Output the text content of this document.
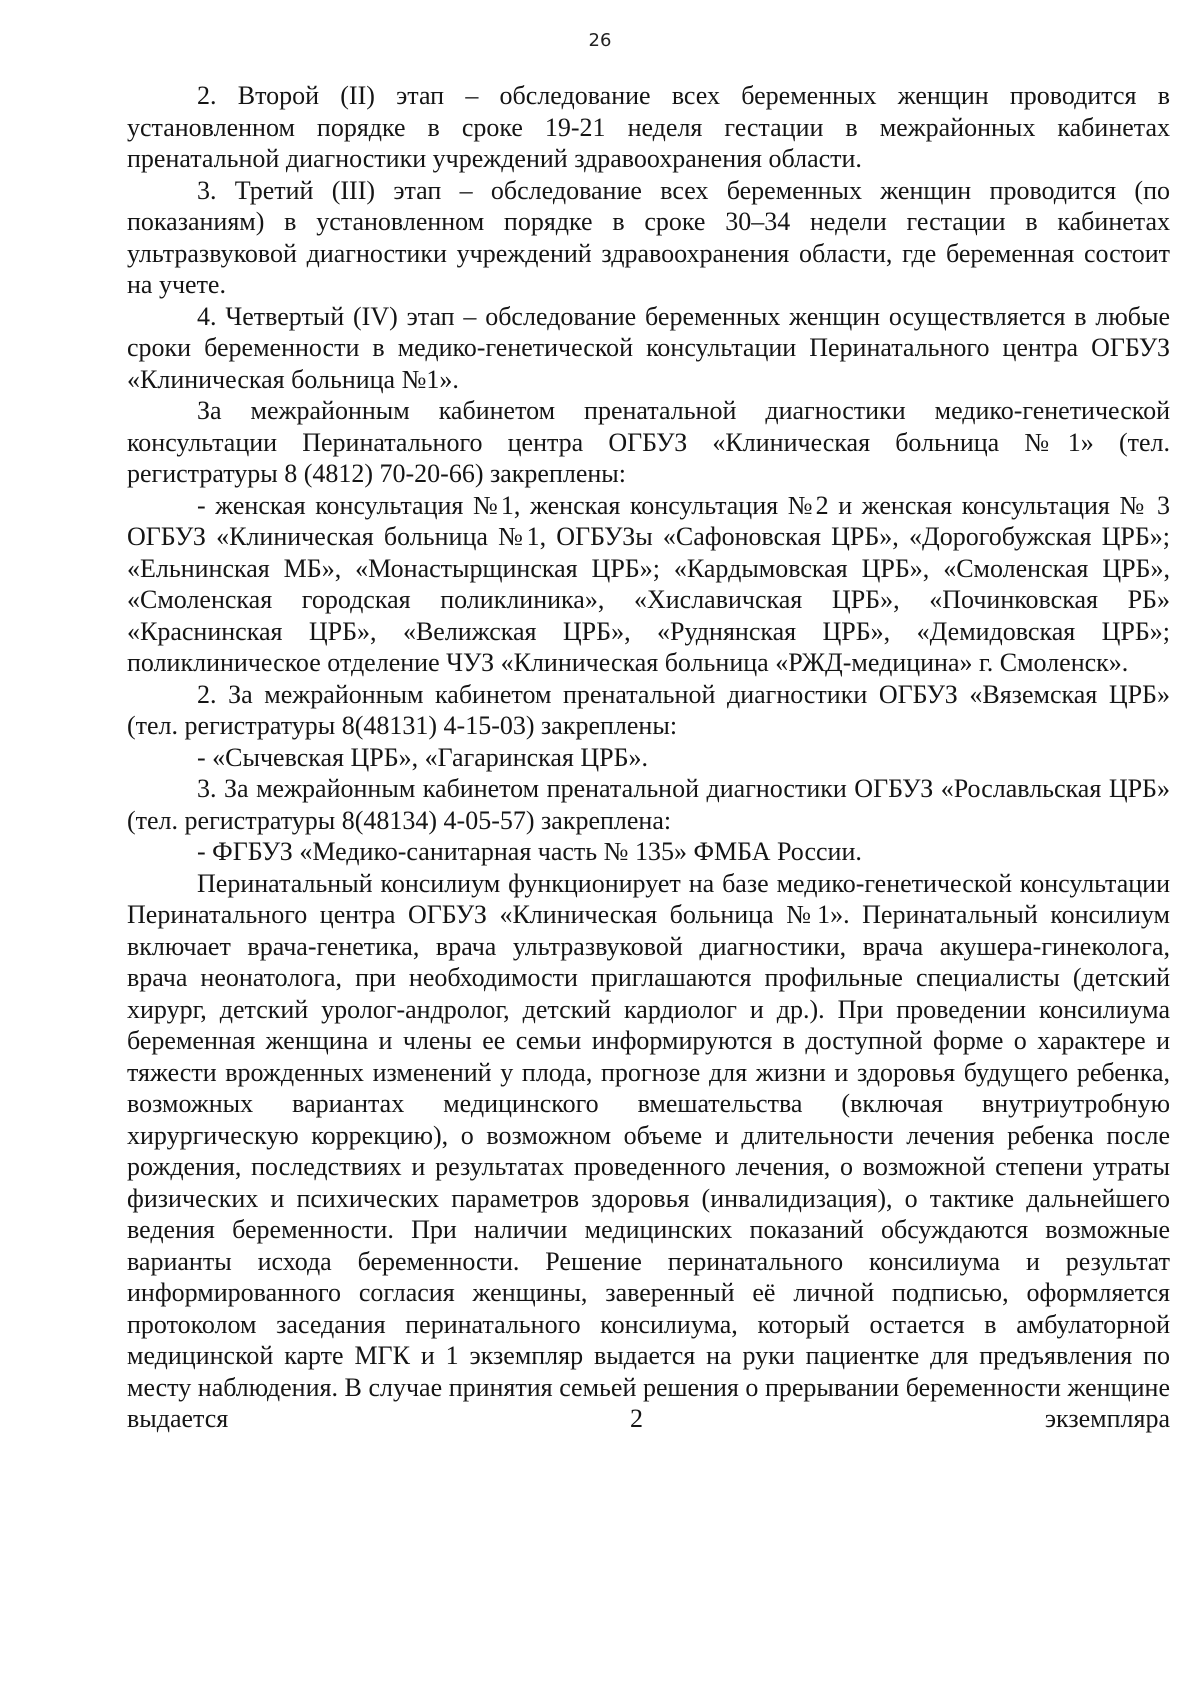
26

2. Второй (II) этап – обследование всех беременных женщин проводится в установленном порядке в сроке 19-21 неделя гестации в межрайонных кабинетах пренатальной диагностики учреждений здравоохранения области.

3. Третий (III) этап – обследование всех беременных женщин проводится (по показаниям) в установленном порядке в сроке 30–34 недели гестации в кабинетах ультразвуковой диагностики учреждений здравоохранения области, где беременная состоит на учете.

4. Четвертый (IV) этап – обследование беременных женщин осуществляется в любые сроки беременности в медико-генетической консультации Перинатального центра ОГБУЗ «Клиническая больница №1».

За межрайонным кабинетом пренатальной диагностики медико-генетической консультации Перинатального центра ОГБУЗ «Клиническая больница №1» (тел. регистратуры 8 (4812) 70-20-66) закреплены:

- женская консультация №1, женская консультация №2 и женская консультация № 3 ОГБУЗ «Клиническая больница №1, ОГБУЗы «Сафоновская ЦРБ», «Дорогобужская ЦРБ»; «Ельнинская МБ», «Монастырщинская ЦРБ»; «Кардымовская ЦРБ», «Смоленская ЦРБ», «Смоленская городская поликлиника», «Хиславичская ЦРБ», «Починковская РБ» «Краснинская ЦРБ», «Велижская ЦРБ», «Руднянская ЦРБ», «Демидовская ЦРБ»; поликлиническое отделение ЧУЗ «Клиническая больница «РЖД-медицина» г. Смоленск».

2. За межрайонным кабинетом пренатальной диагностики ОГБУЗ «Вяземская ЦРБ» (тел. регистратуры 8(48131) 4-15-03) закреплены:

- «Сычевская ЦРБ», «Гагаринская ЦРБ».

3. За межрайонным кабинетом пренатальной диагностики ОГБУЗ «Рославльская ЦРБ» (тел. регистратуры 8(48134) 4-05-57) закреплена:

- ФГБУЗ «Медико-санитарная часть № 135» ФМБА России.

Перинатальный консилиум функционирует на базе медико-генетической консультации Перинатального центра ОГБУЗ «Клиническая больница №1». Перинатальный консилиум включает врача-генетика, врача ультразвуковой диагностики, врача акушера-гинеколога, врача неонатолога, при необходимости приглашаются профильные специалисты (детский хирург, детский уролог-андролог, детский кардиолог и др.). При проведении консилиума беременная женщина и члены ее семьи информируются в доступной форме о характере и тяжести врожденных изменений у плода, прогнозе для жизни и здоровья будущего ребенка, возможных вариантах медицинского вмешательства (включая внутриутробную хирургическую коррекцию), о возможном объеме и длительности лечения ребенка после рождения, последствиях и результатах проведенного лечения, о возможной степени утраты физических и психических параметров здоровья (инвалидизация), о тактике дальнейшего ведения беременности. При наличии медицинских показаний обсуждаются возможные варианты исхода беременности. Решение перинатального консилиума и результат информированного согласия женщины, заверенный её личной подписью, оформляется протоколом заседания перинатального консилиума, который остается в амбулаторной медицинской карте МГК и 1 экземпляр выдается на руки пациентке для предъявления по месту наблюдения. В случае принятия семьей решения о прерывании беременности женщине выдается 2 экземпляра
